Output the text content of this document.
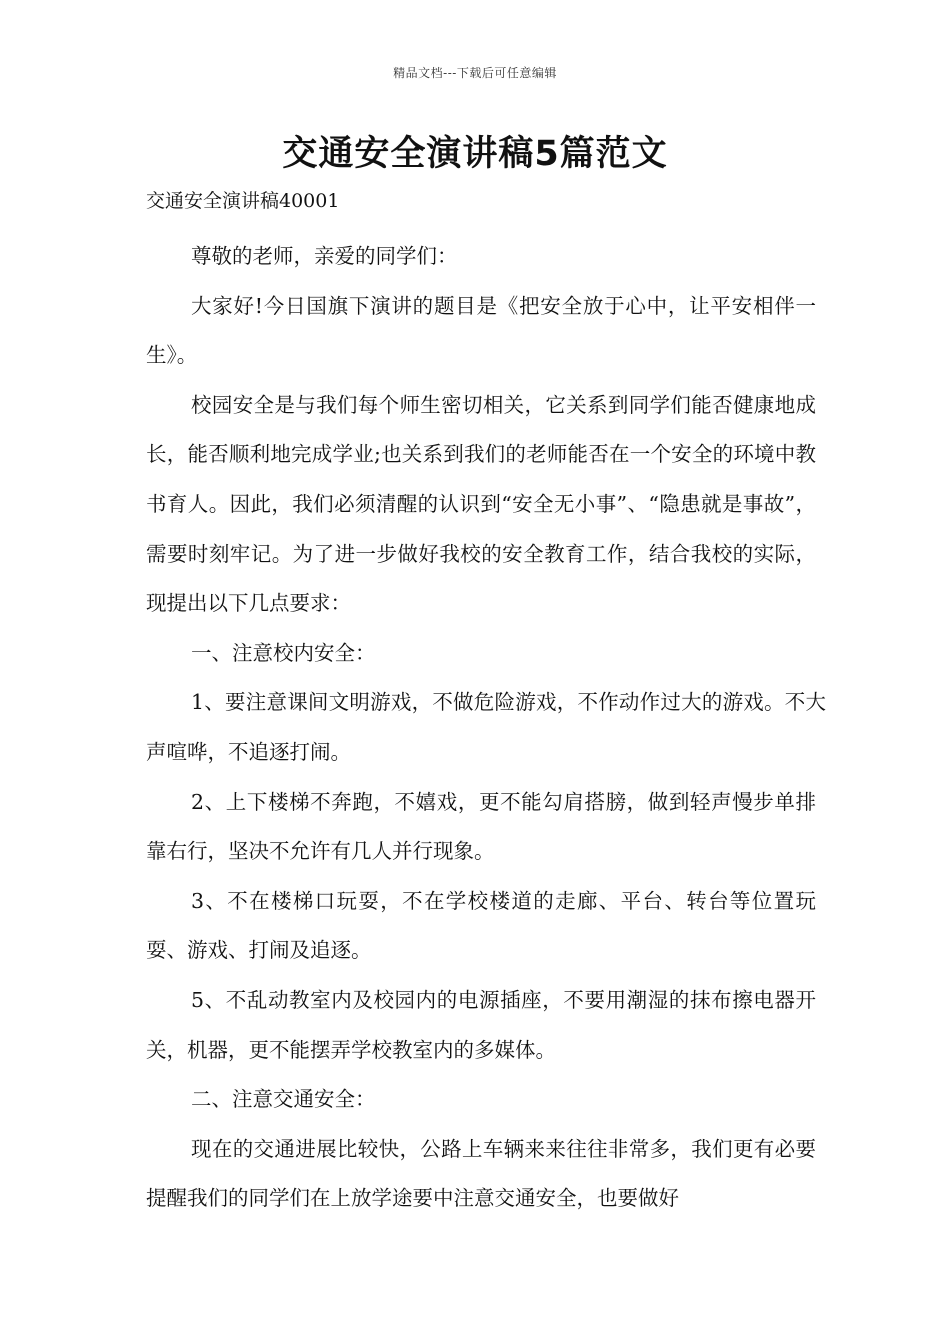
精品文档---下载后可任意编辑
交通安全演讲稿5篇范文
交通安全演讲稿40001

尊敬的老师，亲爱的同学们：

大家好!今日国旗下演讲的题目是《把安全放于心中，让平安相伴一生》。

校园安全是与我们每个师生密切相关，它关系到同学们能否健康地成长，能否顺利地完成学业;也关系到我们的老师能否在一个安全的环境中教书育人。因此，我们必须清醒的认识到“安全无小事”、“隐患就是事故”，需要时刻牢记。为了进一步做好我校的安全教育工作，结合我校的实际，现提出以下几点要求：

一、注意校内安全：

1、要注意课间文明游戏，不做危险游戏，不作动作过大的游戏。不大声喧哗，不追逐打闹。

2、上下楼梯不奔跑，不嬉戏，更不能勾肩搭膀，做到轻声慢步单排靠右行，坚决不允许有几人并行现象。

3、不在楼梯口玩耍，不在学校楼道的走廊、平台、转台等位置玩耍、游戏、打闹及追逐。

5、不乱动教室内及校园内的电源插座，不要用潮湿的抹布擦电器开关，机器，更不能摆弄学校教室内的多媒体。

二、注意交通安全：

现在的交通进展比较快，公路上车辆来来往往非常多，我们更有必要提醒我们的同学们在上放学途要中注意交通安全，也要做好
